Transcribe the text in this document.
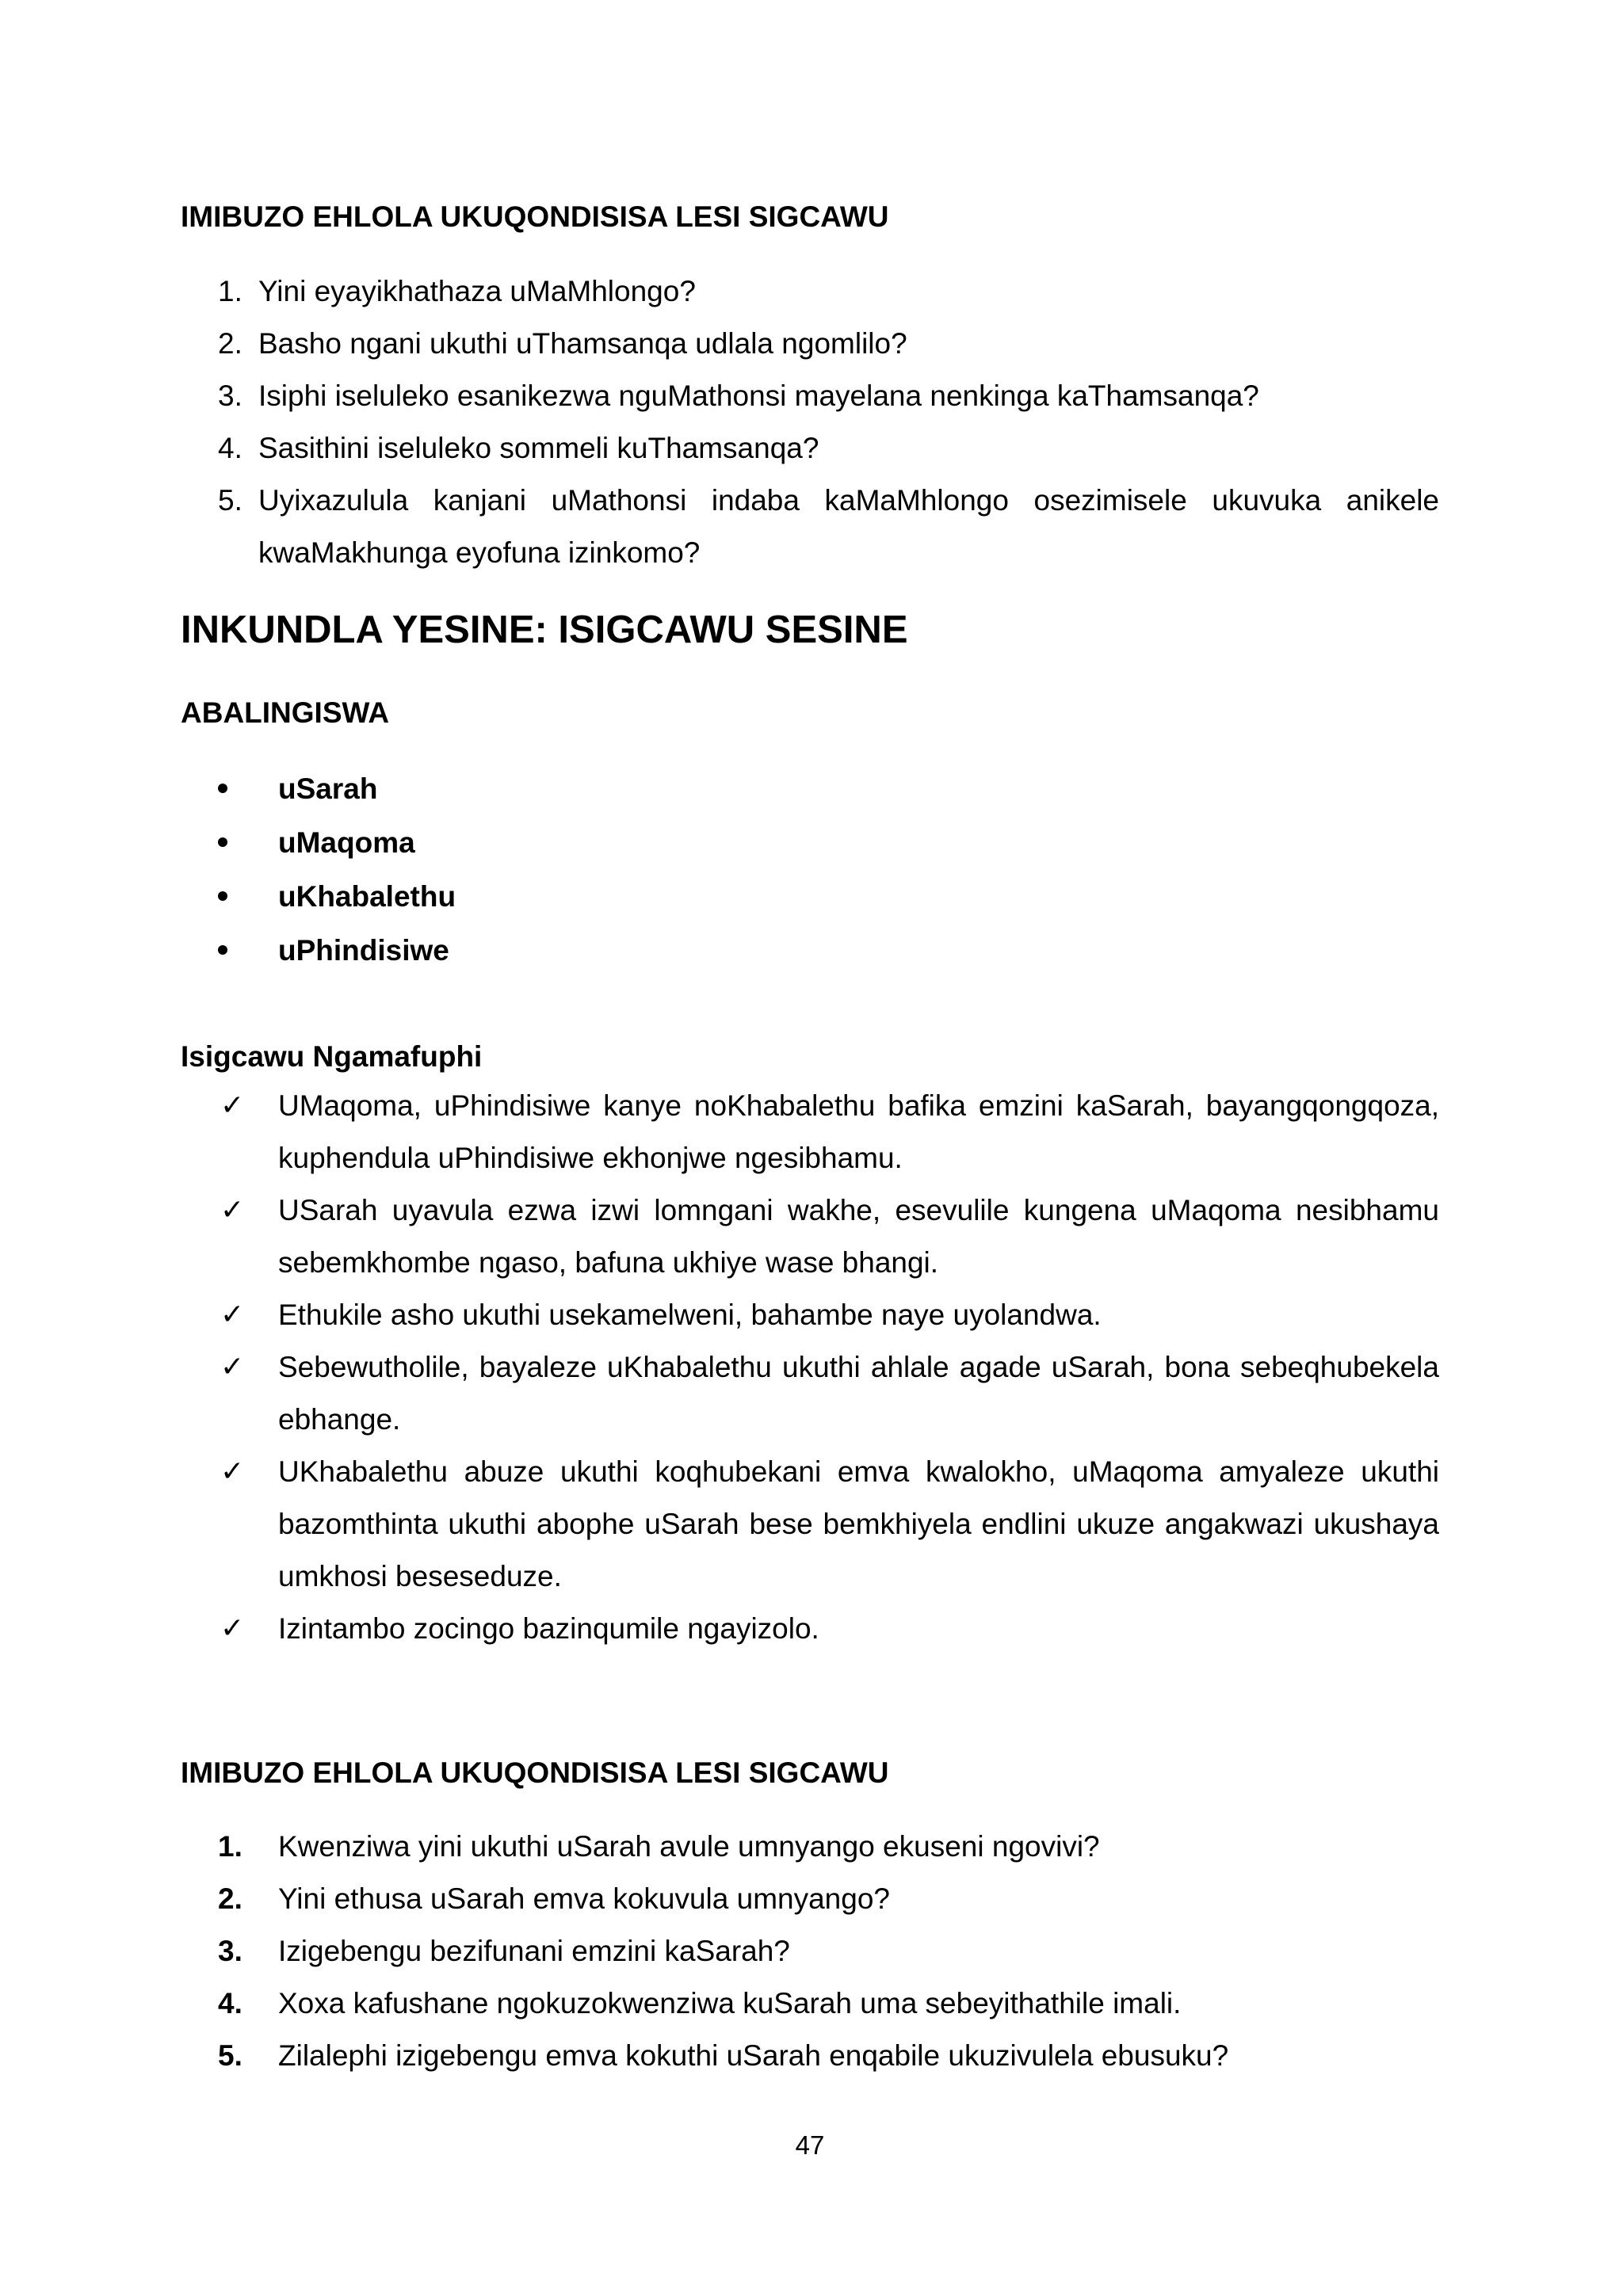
IMIBUZO EHLOLA UKUQONDISISA LESI SIGCAWU
1. Yini eyayikhathaza uMaMhlongo?
2. Basho ngani ukuthi uThamsanqa udlala ngomlilo?
3. Isiphi iseluleko esanikezwa nguMathonsi mayelana nenkinga kaThamsanqa?
4. Sasithini iseluleko sommeli kuThamsanqa?
5. Uyixazulula kanjani uMathonsi indaba kaMaMhlongo osezimisele ukuvuka anikele kwaMakhunga eyofuna izinkomo?
INKUNDLA YESINE: ISIGCAWU SESINE
ABALINGISWA
uSarah
uMaqoma
uKhabalethu
uPhindisiwe
Isigcawu Ngamafuphi
✓ UMaqoma, uPhindisiwe kanye noKhabalethu bafika emzini kaSarah, bayangqongqoza, kuphendula uPhindisiwe ekhonjwe ngesibhamu.
✓ USarah uyavula ezwa izwi lomngani wakhe, esevulile kungena uMaqoma nesibhamu sebemkhombe ngaso, bafuna ukhiye wase bhangi.
✓ Ethukile asho ukuthi usekamelweni, bahambe naye uyolandwa.
✓ Sebewutholile, bayaleze uKhabalethu ukuthi ahlale agade uSarah, bona sebeqhubekela ebhange.
✓ UKhabalethu abuze ukuthi koqhubekani emva kwalokho, uMaqoma amyaleze ukuthi bazomthinta ukuthi abophe uSarah bese bemkhiyela endlini ukuze angakwazi ukushaya umkhosi beseseduze.
✓ Izintambo zocingo bazinqumile ngayizolo.
IMIBUZO EHLOLA UKUQONDISISA LESI SIGCAWU
1. Kwenziwa yini ukuthi uSarah avule umnyango ekuseni ngovivi?
2. Yini ethusa uSarah emva kokuvula umnyango?
3. Izigebengu bezifunani emzini kaSarah?
4. Xoxa kafushane ngokuzokwenziwa kuSarah uma sebeyithathile imali.
5. Zilalephi izigebengu emva kokuthi uSarah enqabile ukuzivulela ebusuku?
47
